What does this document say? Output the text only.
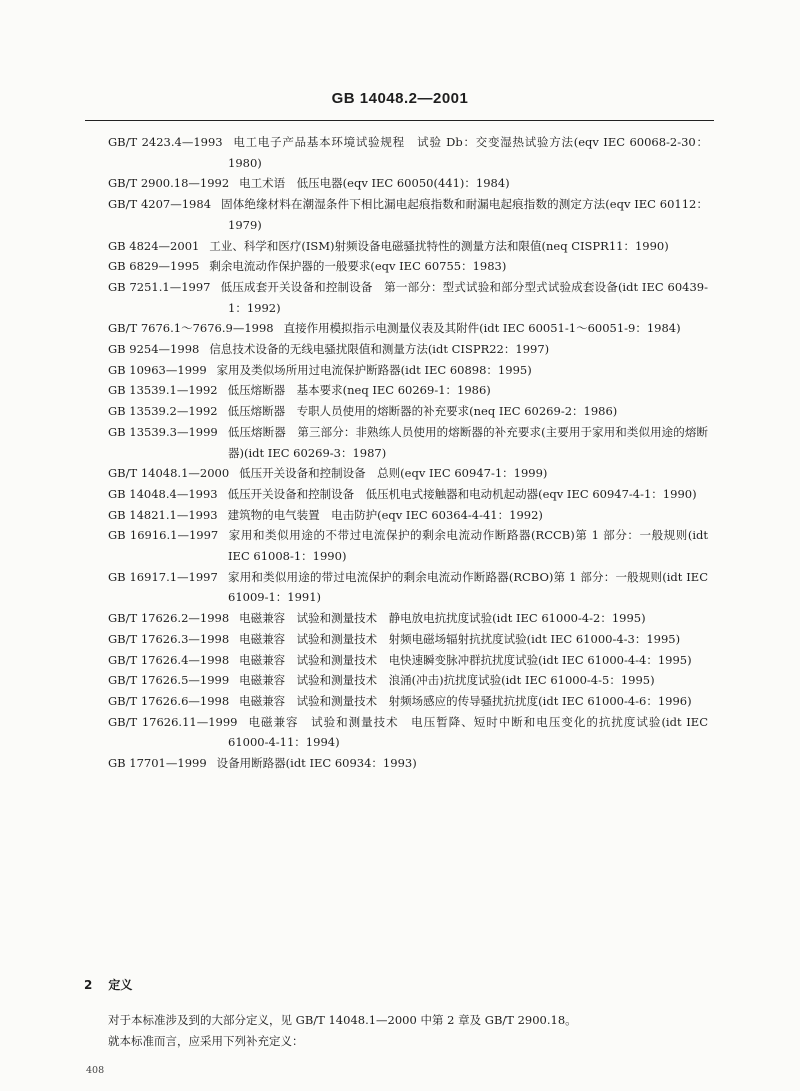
GB 14048.2—2001
GB/T 2423.4—1993 电工电子产品基本环境试验规程　试验 Db：交变湿热试验方法(eqv IEC 60068-2-30：1980)
GB/T 2900.18—1992 电工术语　低压电器(eqv IEC 60050(441)：1984)
GB/T 4207—1984 固体绝缘材料在潮湿条件下相比漏电起痕指数和耐漏电起痕指数的测定方法(eqv IEC 60112：1979)
GB 4824—2001 工业、科学和医疗(ISM)射频设备电磁骚扰特性的测量方法和限值(neq CISPR11：1990)
GB 6829—1995 剩余电流动作保护器的一般要求(eqv IEC 60755：1983)
GB 7251.1—1997 低压成套开关设备和控制设备　第一部分：型式试验和部分型式试验成套设备(idt IEC 60439-1：1992)
GB/T 7676.1～7676.9—1998 直接作用模拟指示电测量仪表及其附件(idt IEC 60051-1～60051-9：1984)
GB 9254—1998 信息技术设备的无线电骚扰限值和测量方法(idt CISPR22：1997)
GB 10963—1999 家用及类似场所用过电流保护断路器(idt IEC 60898：1995)
GB 13539.1—1992 低压熔断器　基本要求(neq IEC 60269-1：1986)
GB 13539.2—1992 低压熔断器　专职人员使用的熔断器的补充要求(neq IEC 60269-2：1986)
GB 13539.3—1999 低压熔断器　第三部分：非熟练人员使用的熔断器的补充要求(主要用于家用和类似用途的熔断器)(idt IEC 60269-3：1987)
GB/T 14048.1—2000 低压开关设备和控制设备　总则(eqv IEC 60947-1：1999)
GB 14048.4—1993 低压开关设备和控制设备　低压机电式接触器和电动机起动器(eqv IEC 60947-4-1：1990)
GB 14821.1—1993 建筑物的电气装置　电击防护(eqv IEC 60364-4-41：1992)
GB 16916.1—1997 家用和类似用途的不带过电流保护的剩余电流动作断路器(RCCB)第 1 部分：一般规则(idt IEC 61008-1：1990)
GB 16917.1—1997 家用和类似用途的带过电流保护的剩余电流动作断路器(RCBO)第 1 部分：一般规则(idt IEC 61009-1：1991)
GB/T 17626.2—1998 电磁兼容　试验和测量技术　静电放电抗扰度试验(idt IEC 61000-4-2：1995)
GB/T 17626.3—1998 电磁兼容　试验和测量技术　射频电磁场辐射抗扰度试验(idt IEC 61000-4-3：1995)
GB/T 17626.4—1998 电磁兼容　试验和测量技术　电快速瞬变脉冲群抗扰度试验(idt IEC 61000-4-4：1995)
GB/T 17626.5—1999 电磁兼容　试验和测量技术　浪涌(冲击)抗扰度试验(idt IEC 61000-4-5：1995)
GB/T 17626.6—1998 电磁兼容　试验和测量技术　射频场感应的传导骚扰抗扰度(idt IEC 61000-4-6：1996)
GB/T 17626.11—1999 电磁兼容　试验和测量技术　电压暂降、短时中断和电压变化的抗扰度试验(idt IEC 61000-4-11：1994)
GB 17701—1999 设备用断路器(idt IEC 60934：1993)
2 定义

对于本标准涉及到的大部分定义，见 GB/T 14048.1—2000 中第 2 章及 GB/T 2900.18。

就本标准而言，应采用下列补充定义：

408
